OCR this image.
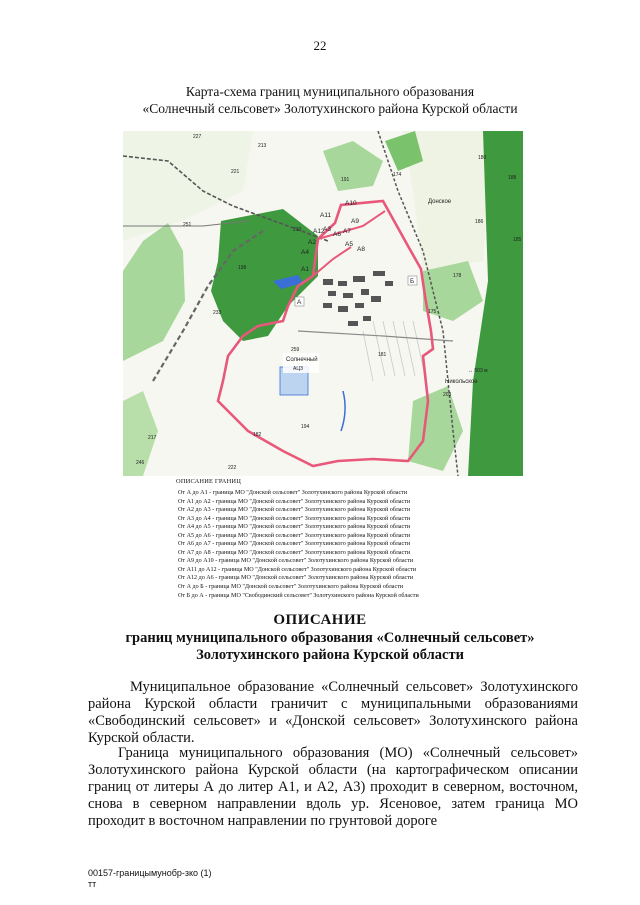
22
Карта-схема границ муниципального образования
«Солнечный сельсовет» Золотухинского района Курской области
227
213
221
191
174
180
188
251
210
186
198
233	175
259
181
203
217	182
246
222
194
178
185
Солнечный
АЦЗ
Донское
Никольское
↔ 503 м
А
Б
А1
А2
А3
А4
А5
А6 А7
А8
А9
А10
А11
А12
ОПИСАНИЕ ГРАНИЦ
От А до А1 - граница МО "Донской сельсовет" Золотухинского района Курской области
От А1 до А2 - граница МО "Донской сельсовет" Золотухинского района Курской области
От А2 до А3 - граница МО "Донской сельсовет" Золотухинского района Курской области
От А3 до А4 - граница МО "Донской сельсовет" Золотухинского района Курской области
От А4 до А5 - граница МО "Донской сельсовет" Золотухинского района Курской области
От А5 до А6 - граница МО "Донской сельсовет" Золотухинского района Курской области
От А6 до А7 - граница МО "Донской сельсовет" Золотухинского района Курской области
От А7 до А8 - граница МО "Донской сельсовет" Золотухинского района Курской области
От А9 до А10 - граница МО "Донской сельсовет" Золотухинского района Курской области
От А11 до А12 - граница МО "Донской сельсовет" Золотухинского района Курской области
От А12 до А6 - граница МО "Донской сельсовет" Золотухинского района Курской области
От А до Б - граница МО "Донской сельсовет" Золотухинского района Курской области
От Б до А - граница МО "Свободинский сельсовет" Золотухинского района Курской области
ОПИСАНИЕ
границ муниципального образования «Солнечный сельсовет»
Золотухинского района Курской области

Муниципальное образование «Солнечный сельсовет» Золотухинского района Курской области граничит с муниципальными образованиями «Свободинский сельсовет» и «Донской сельсовет» Золотухинского района Курской области.

Граница муниципального образования (МО) «Солнечный сельсовет» Золотухинского района Курской области (на картографическом описании границ от литеры А до литер А1, и А2, А3) проходит в северном, восточном, снова в северном направлении вдоль ур. Ясеновое, затем граница МО проходит в восточном направлении по грунтовой дороге

00157-границымунобр-зко (1)
тт
